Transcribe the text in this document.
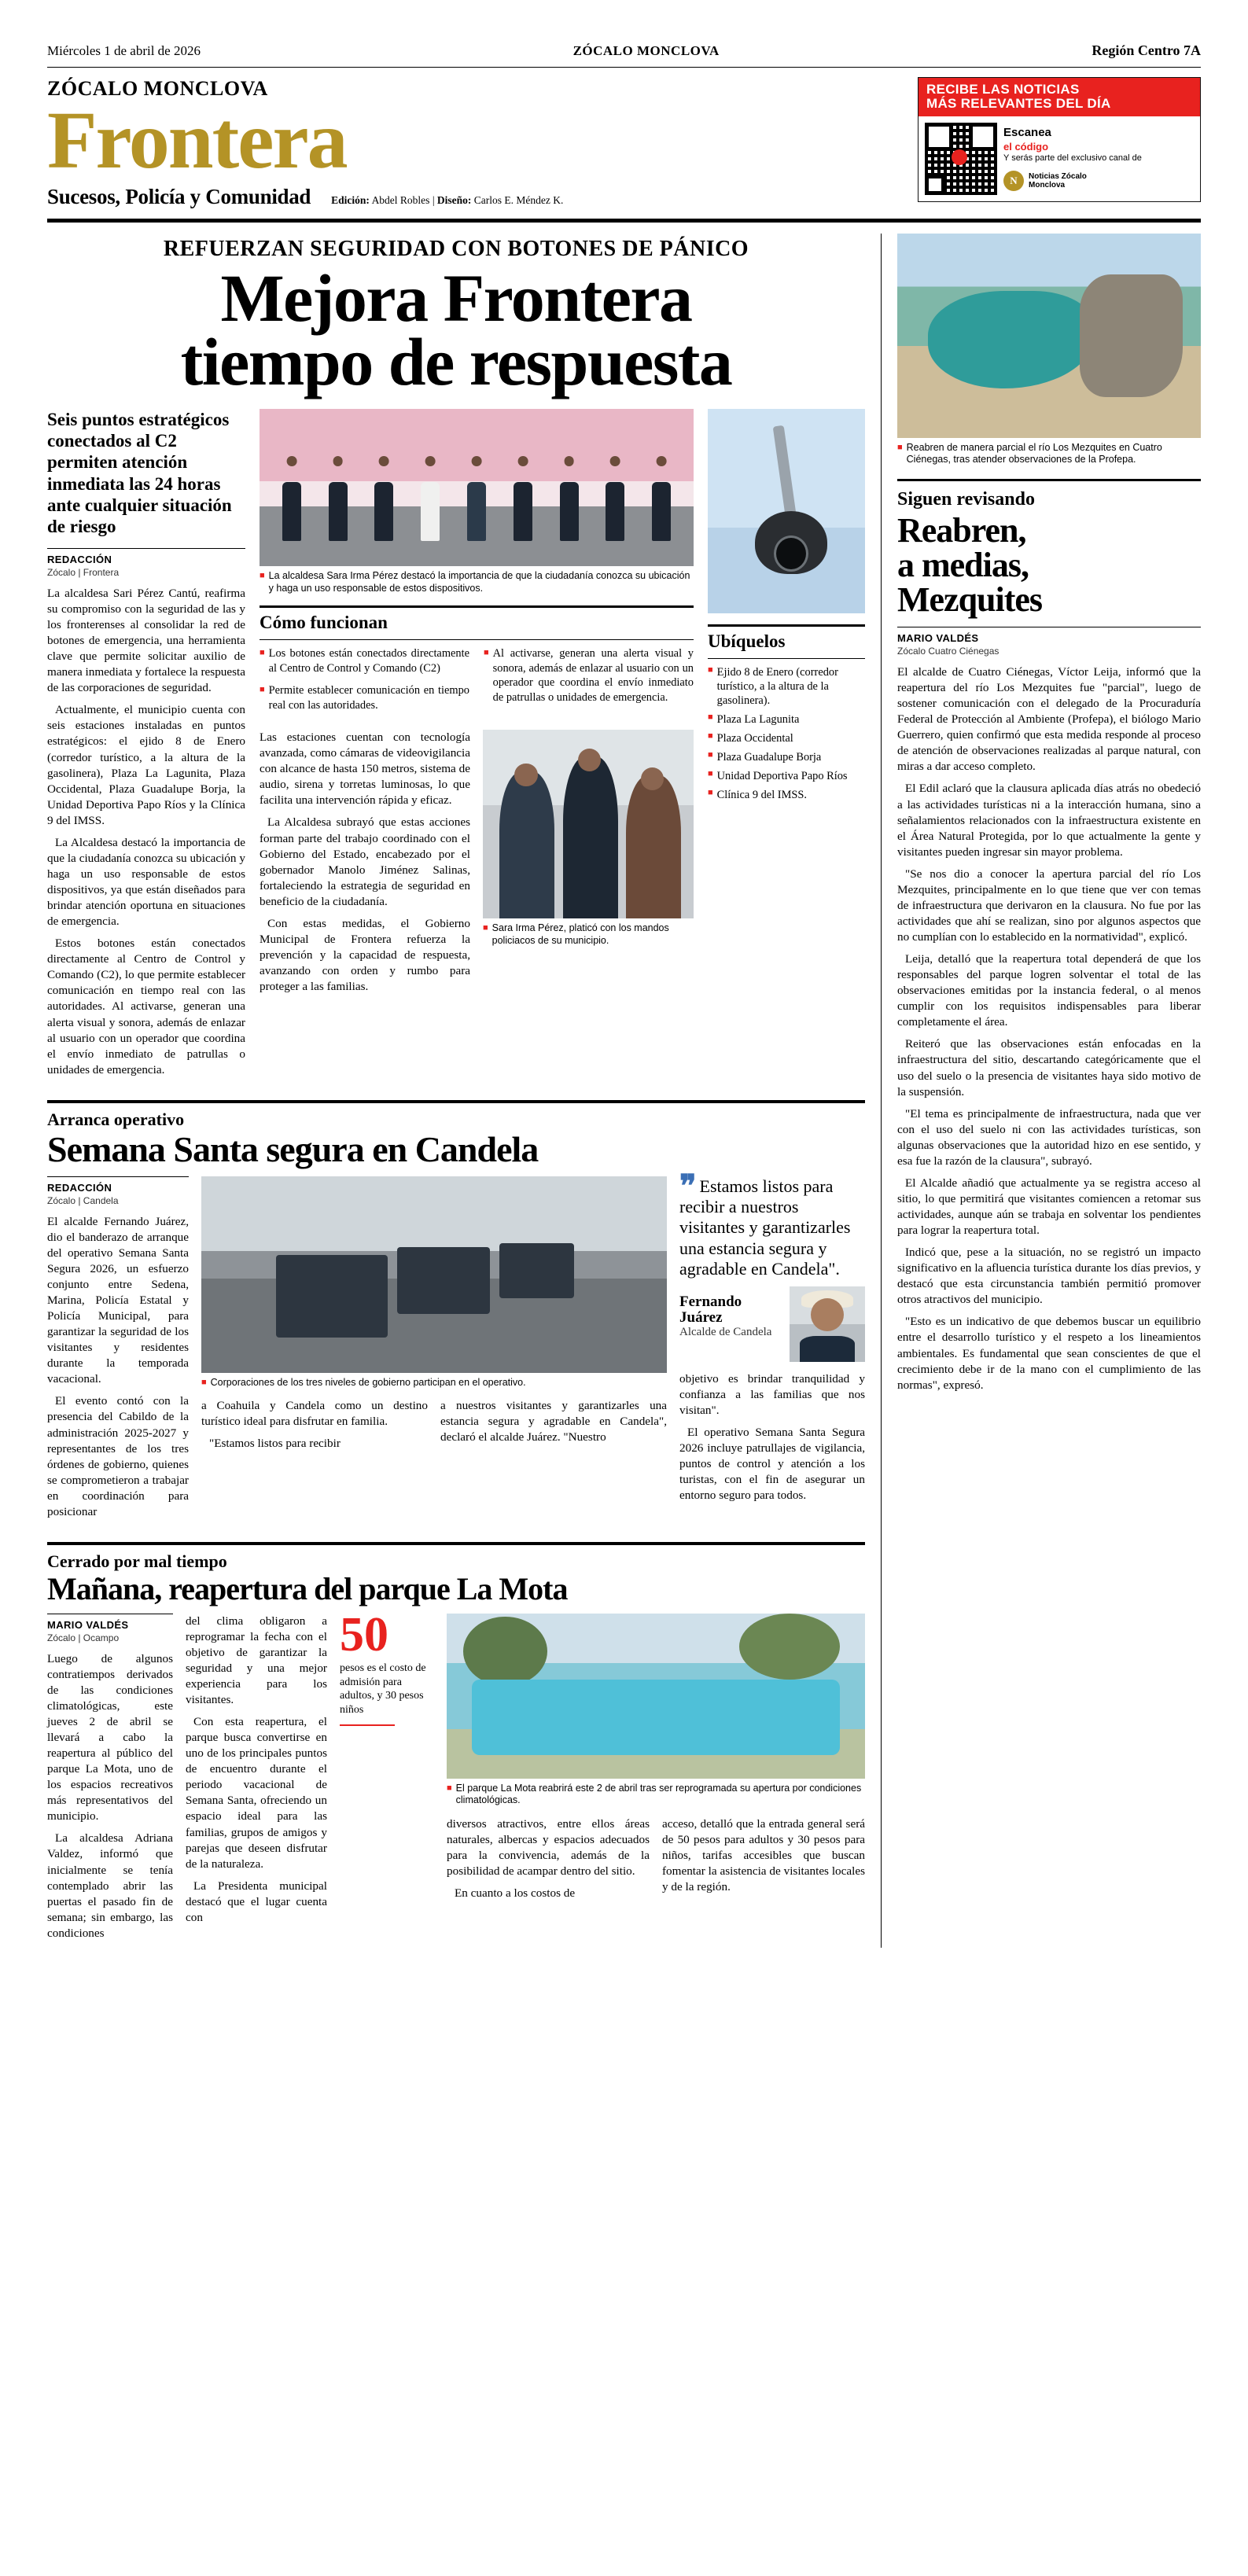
Miércoles 1 de abril de 2026	ZÓCALO MONCLOVA	Región Centro 7A
ZÓCALO MONCLOVA
Frontera
Sucesos, Policía y Comunidad Edición: Abdel Robles | Diseño: Carlos E. Méndez K.
RECIBE LAS NOTICIAS
MÁS RELEVANTES DEL DÍA
Escanea
el código
Y serás parte del exclusivo canal de
N	Noticias Zócalo
Monclova
REFUERZAN SEGURIDAD CON BOTONES DE PÁNICO
Mejora Frontera
tiempo de respuesta
Seis puntos estratégicos conectados al C2 permiten atención inmediata las 24 horas ante cualquier situación de riesgo
REDACCIÓN
Zócalo | Frontera

La alcaldesa Sari Pérez Cantú, reafirma su compromiso con la seguridad de las y los fronterenses al consolidar la red de botones de emergencia, una herramienta clave que permite solicitar auxilio de manera inmediata y fortalece la respuesta de las corporaciones de seguridad.

Actualmente, el municipio cuenta con seis estaciones instaladas en puntos estratégicos: el ejido 8 de Enero (corredor turístico, a la altura de la gasolinera), Plaza La Lagunita, Plaza Occidental, Plaza Guadalupe Borja, la Unidad Deportiva Papo Ríos y la Clínica 9 del IMSS.

La Alcaldesa destacó la importancia de que la ciudadanía conozca su ubicación y haga un uso responsable de estos dispositivos, ya que están diseñados para brindar atención oportuna en situaciones de emergencia.

Estos botones están conectados directamente al Centro de Control y Comando (C2), lo que permite establecer comunicación en tiempo real con las autoridades. Al activarse, generan una alerta visual y sonora, además de enlazar al usuario con un operador que coordina el envío inmediato de patrullas o unidades de emergencia.

■ La alcaldesa Sara Irma Pérez destacó la importancia de que la ciudadanía conozca su ubicación y haga un uso responsable de estos dispositivos.
Cómo funcionan
■ Los botones están conectados directamente al Centro de Control y Comando (C2)
■ Permite establecer comunicación en tiempo real con las autoridades.
■ Al activarse, generan una alerta visual y sonora, además de enlazar al usuario con un operador que coordina el envío inmediato de patrullas o unidades de emergencia.

Las estaciones cuentan con tecnología avanzada, como cámaras de videovigilancia con alcance de hasta 150 metros, sistema de audio, sirena y torretas luminosas, lo que facilita una intervención rápida y eficaz.

La Alcaldesa subrayó que estas acciones forman parte del trabajo coordinado con el Gobierno del Estado, encabezado por el gobernador Manolo Jiménez Salinas, fortaleciendo la estrategia de seguridad en beneficio de la ciudadanía.

Con estas medidas, el Gobierno Municipal de Frontera refuerza la prevención y la capacidad de respuesta, avanzando con orden y rumbo para proteger a las familias.

■ Sara Irma Pérez, platicó con los mandos policiacos de su municipio.
Ubíquelos
■ Ejido 8 de Enero (corredor turístico, a la altura de la gasolinera).
■ Plaza La Lagunita
■ Plaza Occidental
■ Plaza Guadalupe Borja
■ Unidad Deportiva Papo Ríos
■ Clínica 9 del IMSS.
Arranca operativo
Semana Santa segura en Candela
REDACCIÓN
Zócalo | Candela

El alcalde Fernando Juárez, dio el banderazo de arranque del operativo Semana Santa Segura 2026, un esfuerzo conjunto entre Sedena, Marina, Policía Estatal y Policía Municipal, para garantizar la seguridad de los visitantes y residentes durante la temporada vacacional.

El evento contó con la presencia del Cabildo de la administración 2025-2027 y representantes de los tres órdenes de gobierno, quienes se comprometieron a trabajar en coordinación para posicionar

■ Corporaciones de los tres niveles de gobierno participan en el operativo.

a Coahuila y Candela como un destino turístico ideal para disfrutar en familia.

"Estamos listos para recibir

a nuestros visitantes y garantizarles una estancia segura y agradable en Candela", declaró el alcalde Juárez. "Nuestro

❞ Estamos listos para recibir a nuestros visitantes y garantizarles una estancia segura y agradable en Candela".
Fernando Juárez
Alcalde de Candela

objetivo es brindar tranquilidad y confianza a las familias que nos visitan".

El operativo Semana Santa Segura 2026 incluye patrullajes de vigilancia, puntos de control y atención a los turistas, con el fin de asegurar un entorno seguro para todos.

Cerrado por mal tiempo
Mañana, reapertura del parque La Mota
MARIO VALDÉS
Zócalo | Ocampo

Luego de algunos contratiempos derivados de las condiciones climatológicas, este jueves 2 de abril se llevará a cabo la reapertura al público del parque La Mota, uno de los espacios recreativos más representativos del municipio.

La alcaldesa Adriana Valdez, informó que inicialmente se tenía contemplado abrir las puertas el pasado fin de semana; sin embargo, las condiciones

del clima obligaron a reprogramar la fecha con el objetivo de garantizar la seguridad y una mejor experiencia para los visitantes.

Con esta reapertura, el parque busca convertirse en uno de los principales puntos de encuentro durante el periodo vacacional de Semana Santa, ofreciendo un espacio ideal para las familias, grupos de amigos y parejas que deseen disfrutar de la naturaleza.

La Presidenta municipal destacó que el lugar cuenta con

50
pesos es el costo de admisión para adultos, y 30 pesos niños
■ El parque La Mota reabrirá este 2 de abril tras ser reprogramada su apertura por condiciones climatológicas.

diversos atractivos, entre ellos áreas naturales, albercas y espacios adecuados para la convivencia, además de la posibilidad de acampar dentro del sitio.

En cuanto a los costos de

acceso, detalló que la entrada general será de 50 pesos para adultos y 30 pesos para niños, tarifas accesibles que buscan fomentar la asistencia de visitantes locales y de la región.

■ Reabren de manera parcial el río Los Mezquites en Cuatro Ciénegas, tras atender observaciones de la Profepa.
Siguen revisando
Reabren,
a medias,
Mezquites
MARIO VALDÉS
Zócalo Cuatro Ciénegas

El alcalde de Cuatro Ciénegas, Víctor Leija, informó que la reapertura del río Los Mezquites fue "parcial", luego de sostener comunicación con el delegado de la Procuraduría Federal de Protección al Ambiente (Profepa), el biólogo Mario Guerrero, quien confirmó que esta medida responde al proceso de atención de observaciones realizadas al parque natural, con miras a dar acceso completo.

El Edil aclaró que la clausura aplicada días atrás no obedeció a las actividades turísticas ni a la interacción humana, sino a señalamientos relacionados con la infraestructura existente en el Área Natural Protegida, por lo que actualmente la gente y visitantes pueden ingresar sin mayor problema.

"Se nos dio a conocer la apertura parcial del río Los Mezquites, principalmente en lo que tiene que ver con temas de infraestructura que derivaron en la clausura. No fue por las actividades que ahí se realizan, sino por algunos aspectos que no cumplían con lo establecido en la normatividad", explicó.

Leija, detalló que la reapertura total dependerá de que los responsables del parque logren solventar el total de las observaciones emitidas por la instancia federal, o al menos cumplir con los requisitos indispensables para liberar completamente el área.

Reiteró que las observaciones están enfocadas en la infraestructura del sitio, descartando categóricamente que el uso del suelo o la presencia de visitantes haya sido motivo de la suspensión.

"El tema es principalmente de infraestructura, nada que ver con el uso del suelo ni con las actividades turísticas, son algunas observaciones que la autoridad hizo en ese sentido, y esa fue la razón de la clausura", subrayó.

El Alcalde añadió que actualmente ya se registra acceso al sitio, lo que permitirá que visitantes comiencen a retomar sus actividades, aunque aún se trabaja en solventar los pendientes para lograr la reapertura total.

Indicó que, pese a la situación, no se registró un impacto significativo en la afluencia turística durante los días previos, y destacó que esta circunstancia también permitió promover otros atractivos del municipio.

"Esto es un indicativo de que debemos buscar un equilibrio entre el desarrollo turístico y el respeto a los lineamientos ambientales. Es fundamental que sean conscientes de que el crecimiento debe ir de la mano con el cumplimiento de las normas", expresó.
